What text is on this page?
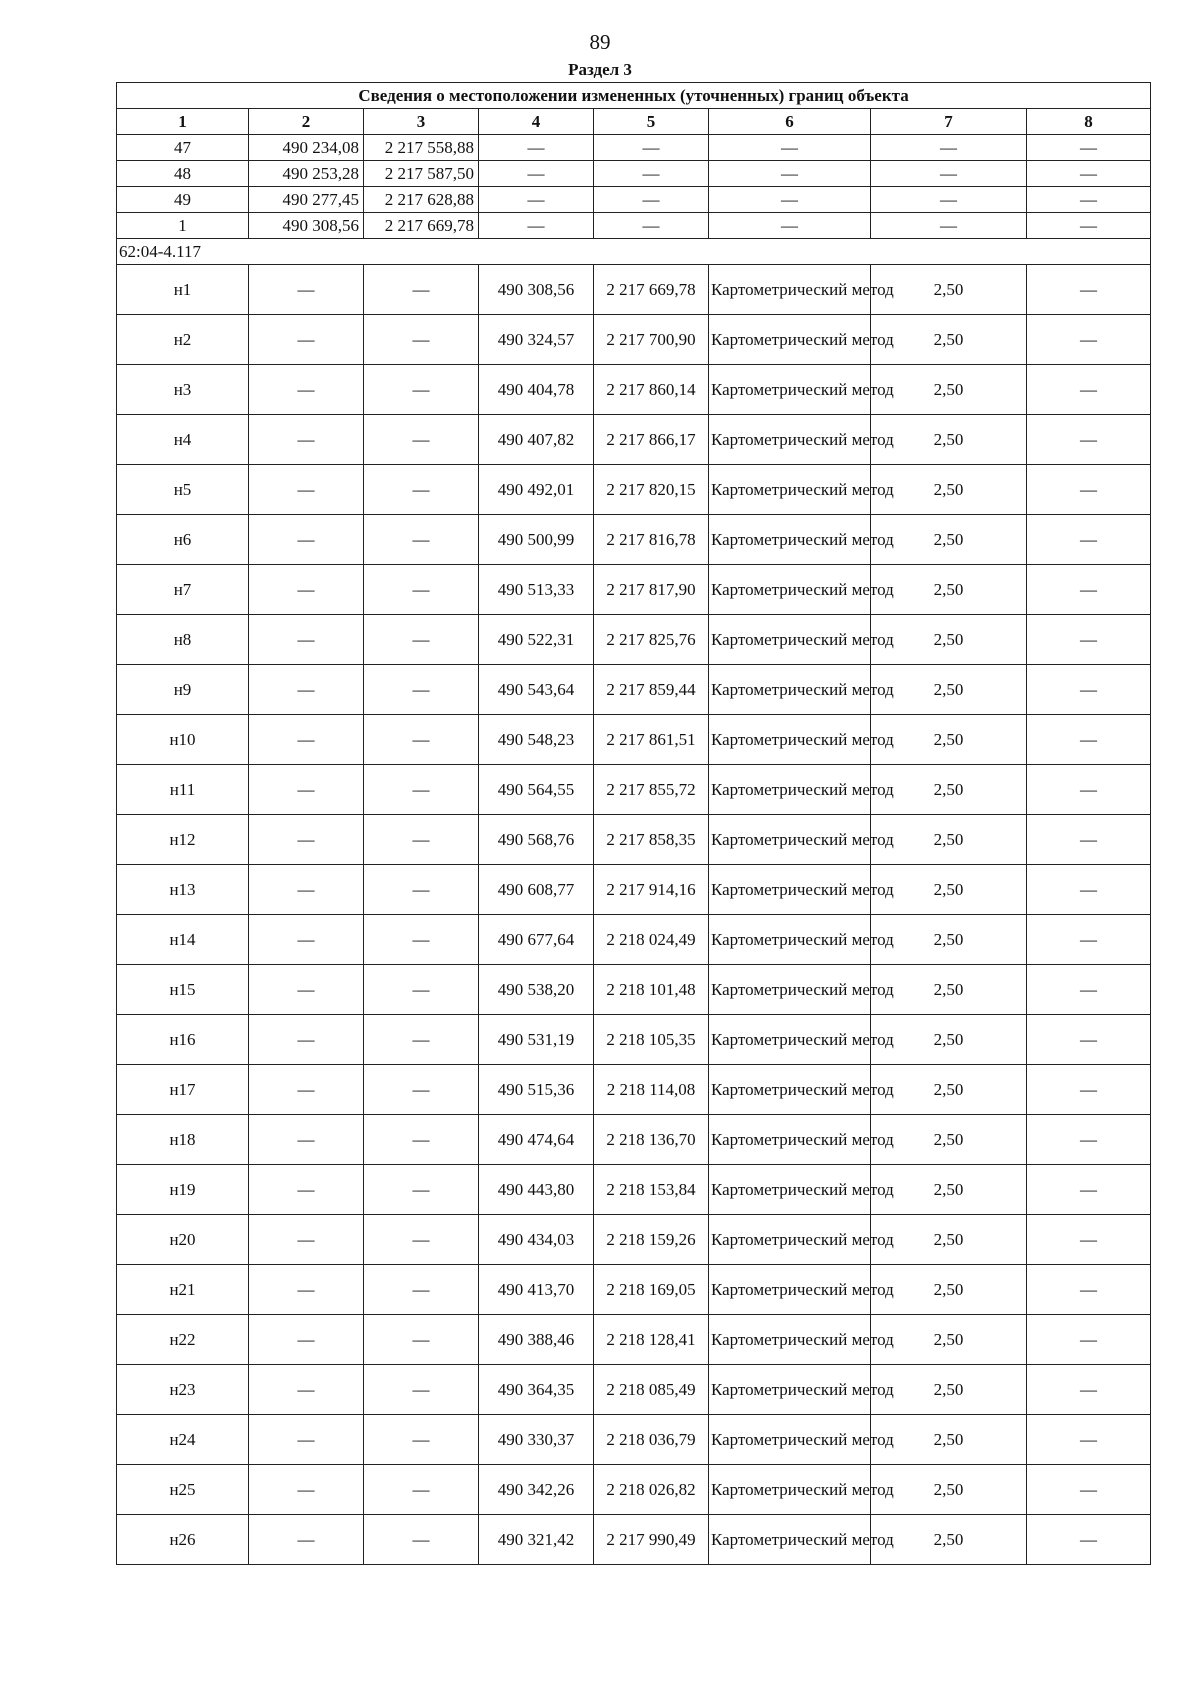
89
Раздел 3
Сведения о местоположении измененных (уточненных) границ объекта							
1	2	3	4	5	6	7	8
47	490 234,08	2 217 558,88	—	—	—	—	—
48	490 253,28	2 217 587,50	—	—	—	—	—
49	490 277,45	2 217 628,88	—	—	—	—	—
1	490 308,56	2 217 669,78	—	—	—	—	—
62:04-4.117							
н1	—	—	490 308,56	2 217 669,78	Картометрический метод	2,50	—
н2	—	—	490 324,57	2 217 700,90	Картометрический метод	2,50	—
н3	—	—	490 404,78	2 217 860,14	Картометрический метод	2,50	—
н4	—	—	490 407,82	2 217 866,17	Картометрический метод	2,50	—
н5	—	—	490 492,01	2 217 820,15	Картометрический метод	2,50	—
н6	—	—	490 500,99	2 217 816,78	Картометрический метод	2,50	—
н7	—	—	490 513,33	2 217 817,90	Картометрический метод	2,50	—
н8	—	—	490 522,31	2 217 825,76	Картометрический метод	2,50	—
н9	—	—	490 543,64	2 217 859,44	Картометрический метод	2,50	—
н10	—	—	490 548,23	2 217 861,51	Картометрический метод	2,50	—
н11	—	—	490 564,55	2 217 855,72	Картометрический метод	2,50	—
н12	—	—	490 568,76	2 217 858,35	Картометрический метод	2,50	—
н13	—	—	490 608,77	2 217 914,16	Картометрический метод	2,50	—
н14	—	—	490 677,64	2 218 024,49	Картометрический метод	2,50	—
н15	—	—	490 538,20	2 218 101,48	Картометрический метод	2,50	—
н16	—	—	490 531,19	2 218 105,35	Картометрический метод	2,50	—
н17	—	—	490 515,36	2 218 114,08	Картометрический метод	2,50	—
н18	—	—	490 474,64	2 218 136,70	Картометрический метод	2,50	—
н19	—	—	490 443,80	2 218 153,84	Картометрический метод	2,50	—
н20	—	—	490 434,03	2 218 159,26	Картометрический метод	2,50	—
н21	—	—	490 413,70	2 218 169,05	Картометрический метод	2,50	—
н22	—	—	490 388,46	2 218 128,41	Картометрический метод	2,50	—
н23	—	—	490 364,35	2 218 085,49	Картометрический метод	2,50	—
н24	—	—	490 330,37	2 218 036,79	Картометрический метод	2,50	—
н25	—	—	490 342,26	2 218 026,82	Картометрический метод	2,50	—
н26	—	—	490 321,42	2 217 990,49	Картометрический метод	2,50	—
